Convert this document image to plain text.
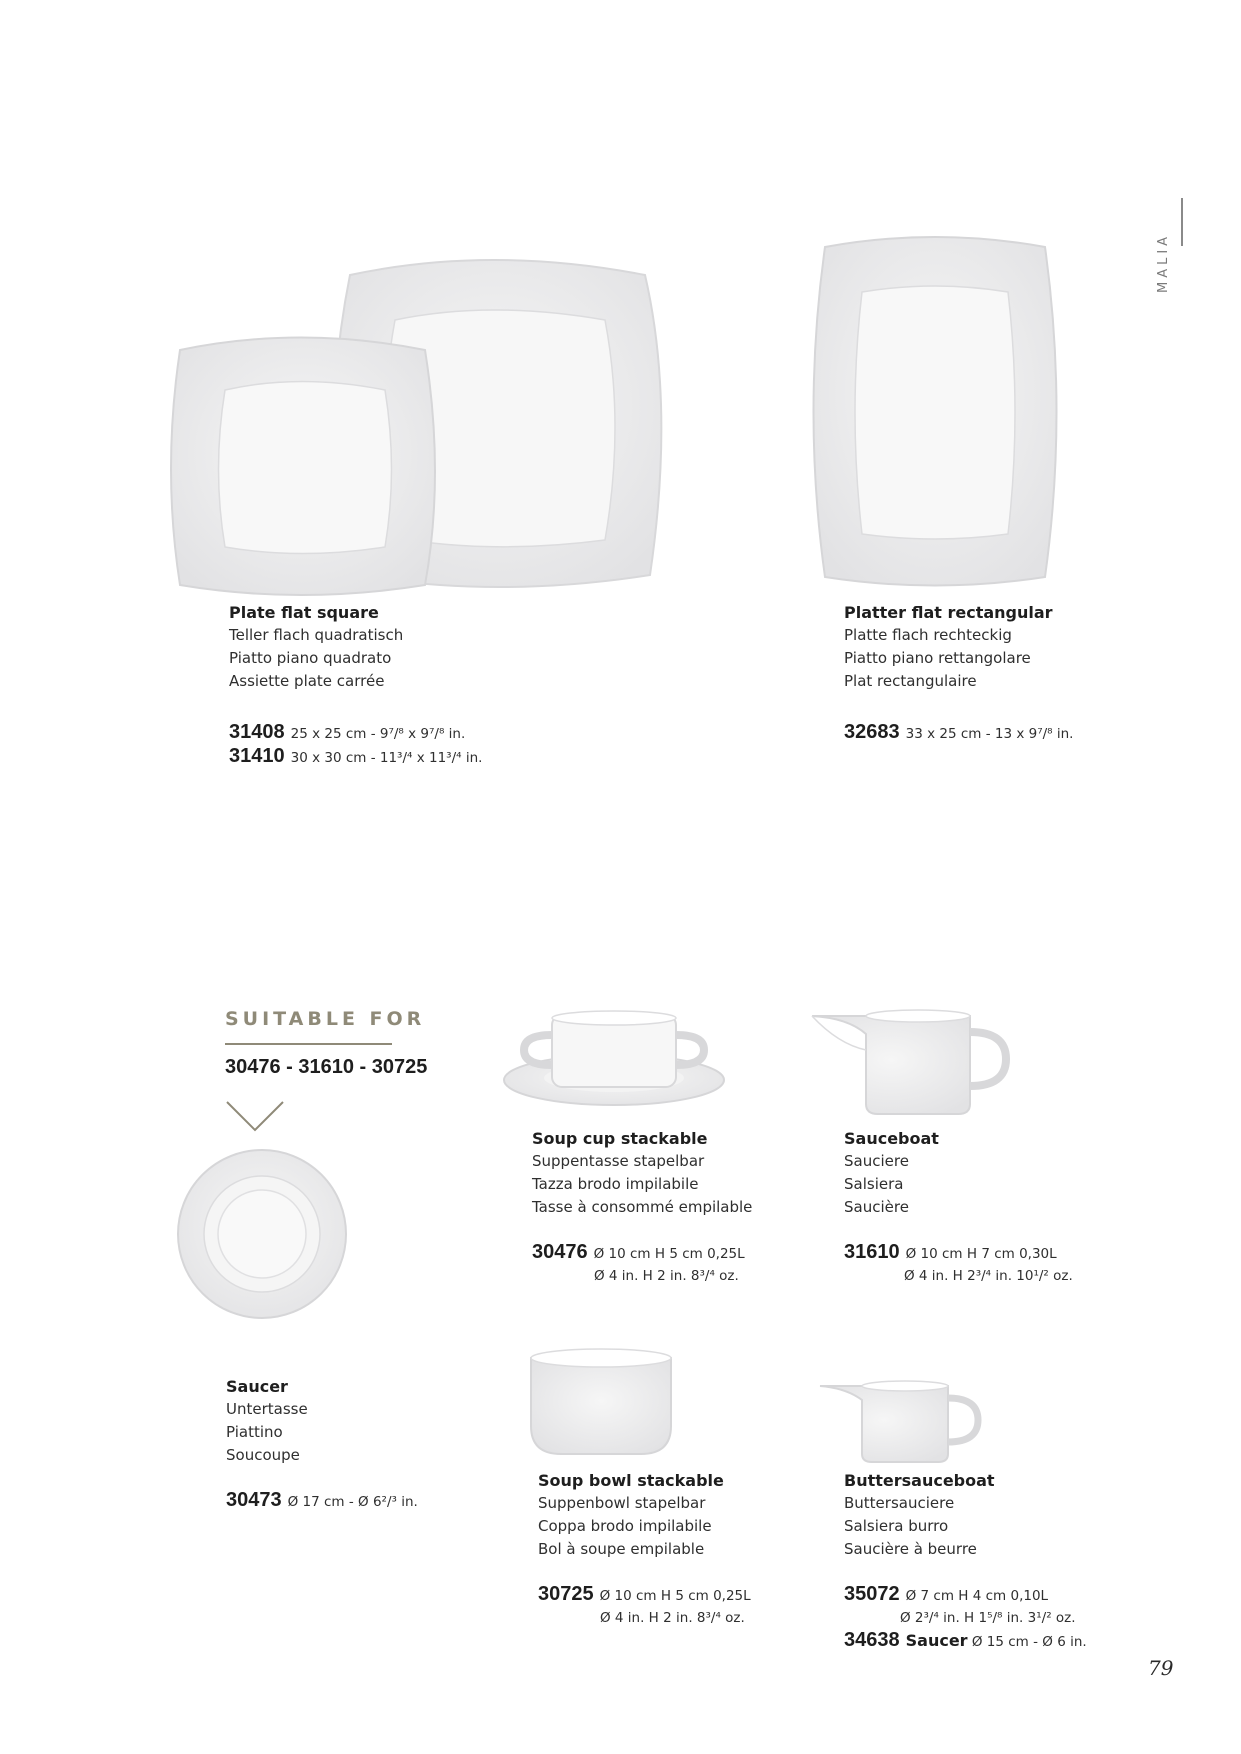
MALIA
Plate flat square
Teller flach quadratisch
Piatto piano quadrato
Assiette plate carrée
31408 25 x 25 cm - 9⁷/⁸ x 9⁷/⁸ in.
31410 30 x 30 cm - 11³/⁴ x 11³/⁴ in.
Platter flat rectangular
Platte flach rechteckig
Piatto piano rettangolare
Plat rectangulaire
32683 33 x 25 cm - 13 x 9⁷/⁸ in.
SUITABLE FOR
30476 - 31610 - 30725
Saucer
Untertasse
Piattino
Soucoupe
30473 Ø 17 cm - Ø 6²/³ in.
Soup cup stackable
Suppentasse stapelbar
Tazza brodo impilabile
Tasse à consommé empilable
30476 Ø 10 cm H 5 cm 0,25L
Ø 4 in. H 2 in. 8³/⁴ oz.
Sauceboat
Sauciere
Salsiera
Saucière
31610 Ø 10 cm H 7 cm 0,30L
Ø 4 in. H 2³/⁴ in. 10¹/² oz.
Soup bowl stackable
Suppenbowl stapelbar
Coppa brodo impilabile
Bol à soupe empilable
30725 Ø 10 cm H 5 cm 0,25L
Ø 4 in. H 2 in. 8³/⁴ oz.
Buttersauceboat
Buttersauciere
Salsiera burro
Saucière à beurre
35072 Ø 7 cm H 4 cm 0,10L
Ø 2³/⁴ in. H 1⁵/⁸ in. 3¹/² oz.
34638 Saucer Ø 15 cm - Ø 6 in.
79
